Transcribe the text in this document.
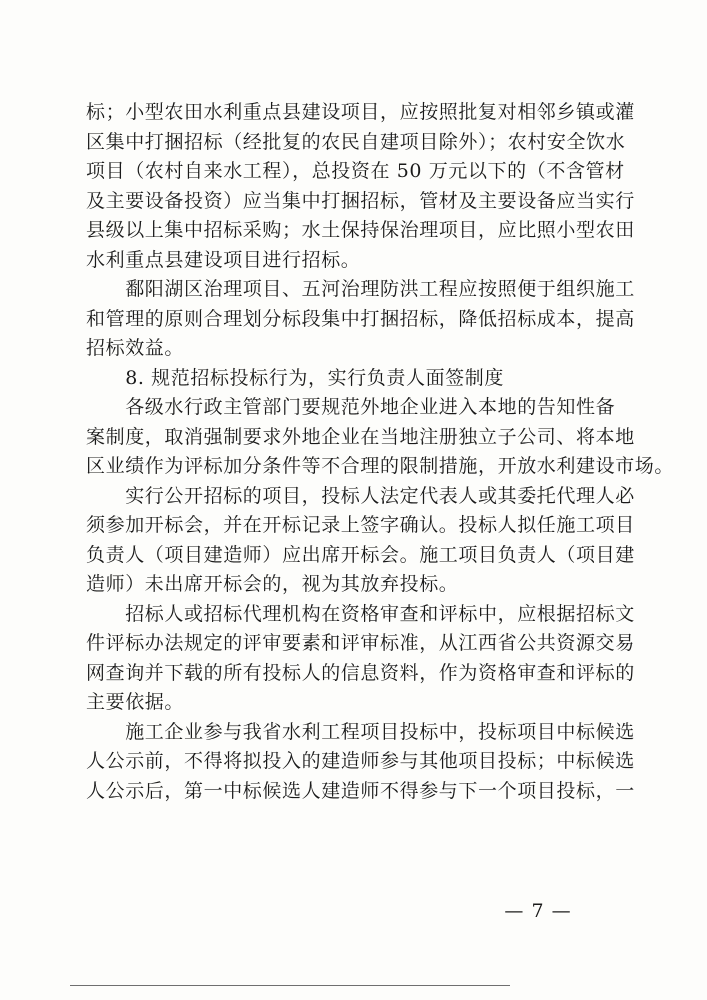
标；小型农田水利重点县建设项目，应按照批复对相邻乡镇或灌
区集中打捆招标（经批复的农民自建项目除外）；农村安全饮水
项目（农村自来水工程），总投资在 50 万元以下的（不含管材
及主要设备投资）应当集中打捆招标，管材及主要设备应当实行
县级以上集中招标采购；水土保持保治理项目，应比照小型农田
水利重点县建设项目进行招标。
　　鄱阳湖区治理项目、五河治理防洪工程应按照便于组织施工
和管理的原则合理划分标段集中打捆招标，降低招标成本，提高
招标效益。
　　8. 规范招标投标行为，实行负责人面签制度
　　各级水行政主管部门要规范外地企业进入本地的告知性备
案制度，取消强制要求外地企业在当地注册独立子公司、将本地
区业绩作为评标加分条件等不合理的限制措施，开放水利建设市场。
　　实行公开招标的项目，投标人法定代表人或其委托代理人必
须参加开标会，并在开标记录上签字确认。投标人拟任施工项目
负责人（项目建造师）应出席开标会。施工项目负责人（项目建
造师）未出席开标会的，视为其放弃投标。
　　招标人或招标代理机构在资格审查和评标中，应根据招标文
件评标办法规定的评审要素和评审标准，从江西省公共资源交易
网查询并下载的所有投标人的信息资料，作为资格审查和评标的
主要依据。
　　施工企业参与我省水利工程项目投标中，投标项目中标候选
人公示前，不得将拟投入的建造师参与其他项目投标；中标候选
人公示后，第一中标候选人建造师不得参与下一个项目投标，一
— 7 —
